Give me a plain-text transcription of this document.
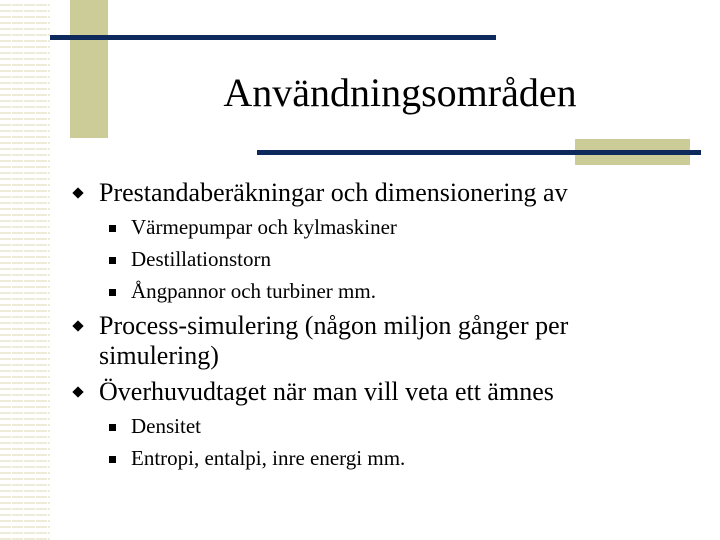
Användningsområden
Prestandaberäkningar och dimensionering av
Värmepumpar och kylmaskiner
Destillationstorn
Ångpannor och turbiner mm.
Process-simulering (någon miljon gånger per simulering)
Överhuvudtaget när man vill veta ett ämnes
Densitet
Entropi, entalpi, inre energi mm.
